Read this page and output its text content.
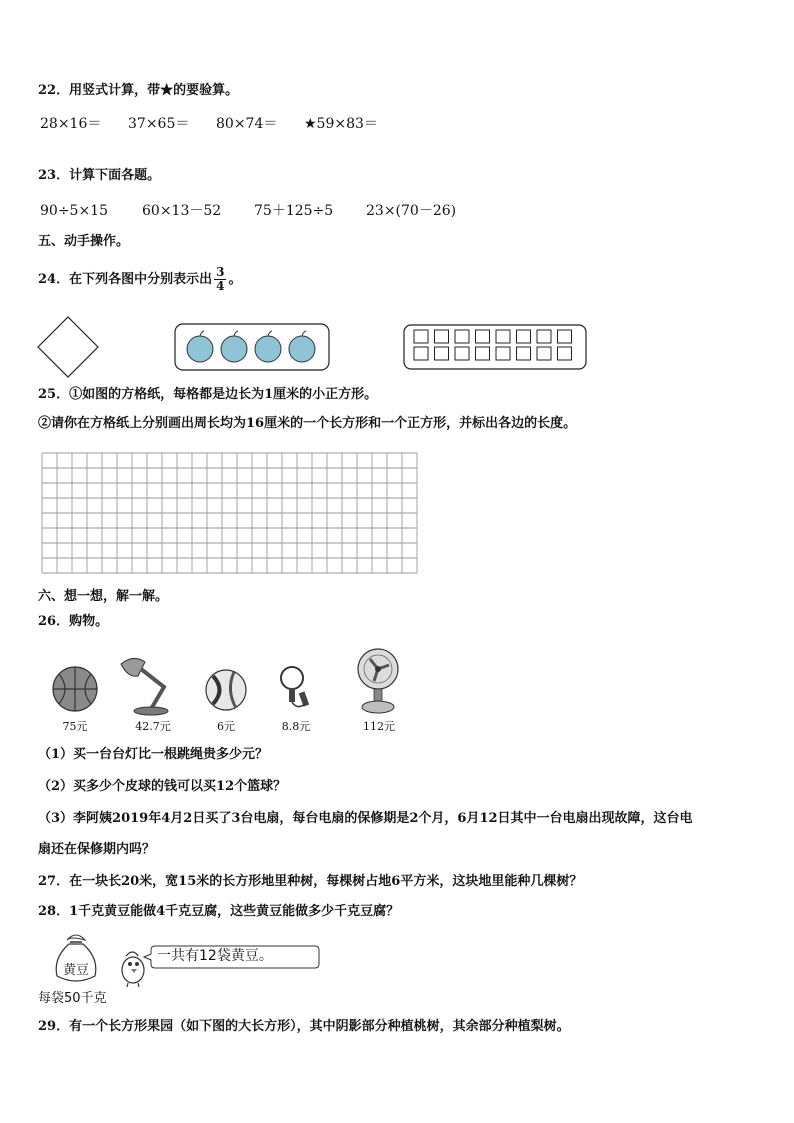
22．用竖式计算，带★的要验算。
28×16＝ 37×65＝ 80×74＝ ★59×83＝
23．计算下面各题。
90÷5×15 60×13－52 75＋125÷5 23×(70－26)
五、动手操作。
24．在下列各图中分别表示出 $\frac{3}{4}$ 。
25．①如图的方格纸，每格都是边长为1厘米的小正方形。
②请你在方格纸上分别画出周长均为16厘米的一个长方形和一个正方形，并标出各边的长度。
六、想一想，解一解。
26．购物。
75元	42.7元	6元	8.8元	112元
（1）买一台台灯比一根跳绳贵多少元？
（2）买多少个皮球的钱可以买12个篮球？
（3）李阿姨2019年4月2日买了3台电扇，每台电扇的保修期是2个月，6月12日其中一台电扇出现故障，这台电
扇还在保修期内吗？
27．在一块长20米，宽15米的长方形地里种树，每棵树占地6平方米，这块地里能种几棵树？
28．1千克黄豆能做4千克豆腐，这些黄豆能做多少千克豆腐？
黄豆
每袋50千克
一共有12袋黄豆。
29．有一个长方形果园（如下图的大长方形），其中阴影部分种植桃树，其余部分种植梨树。
